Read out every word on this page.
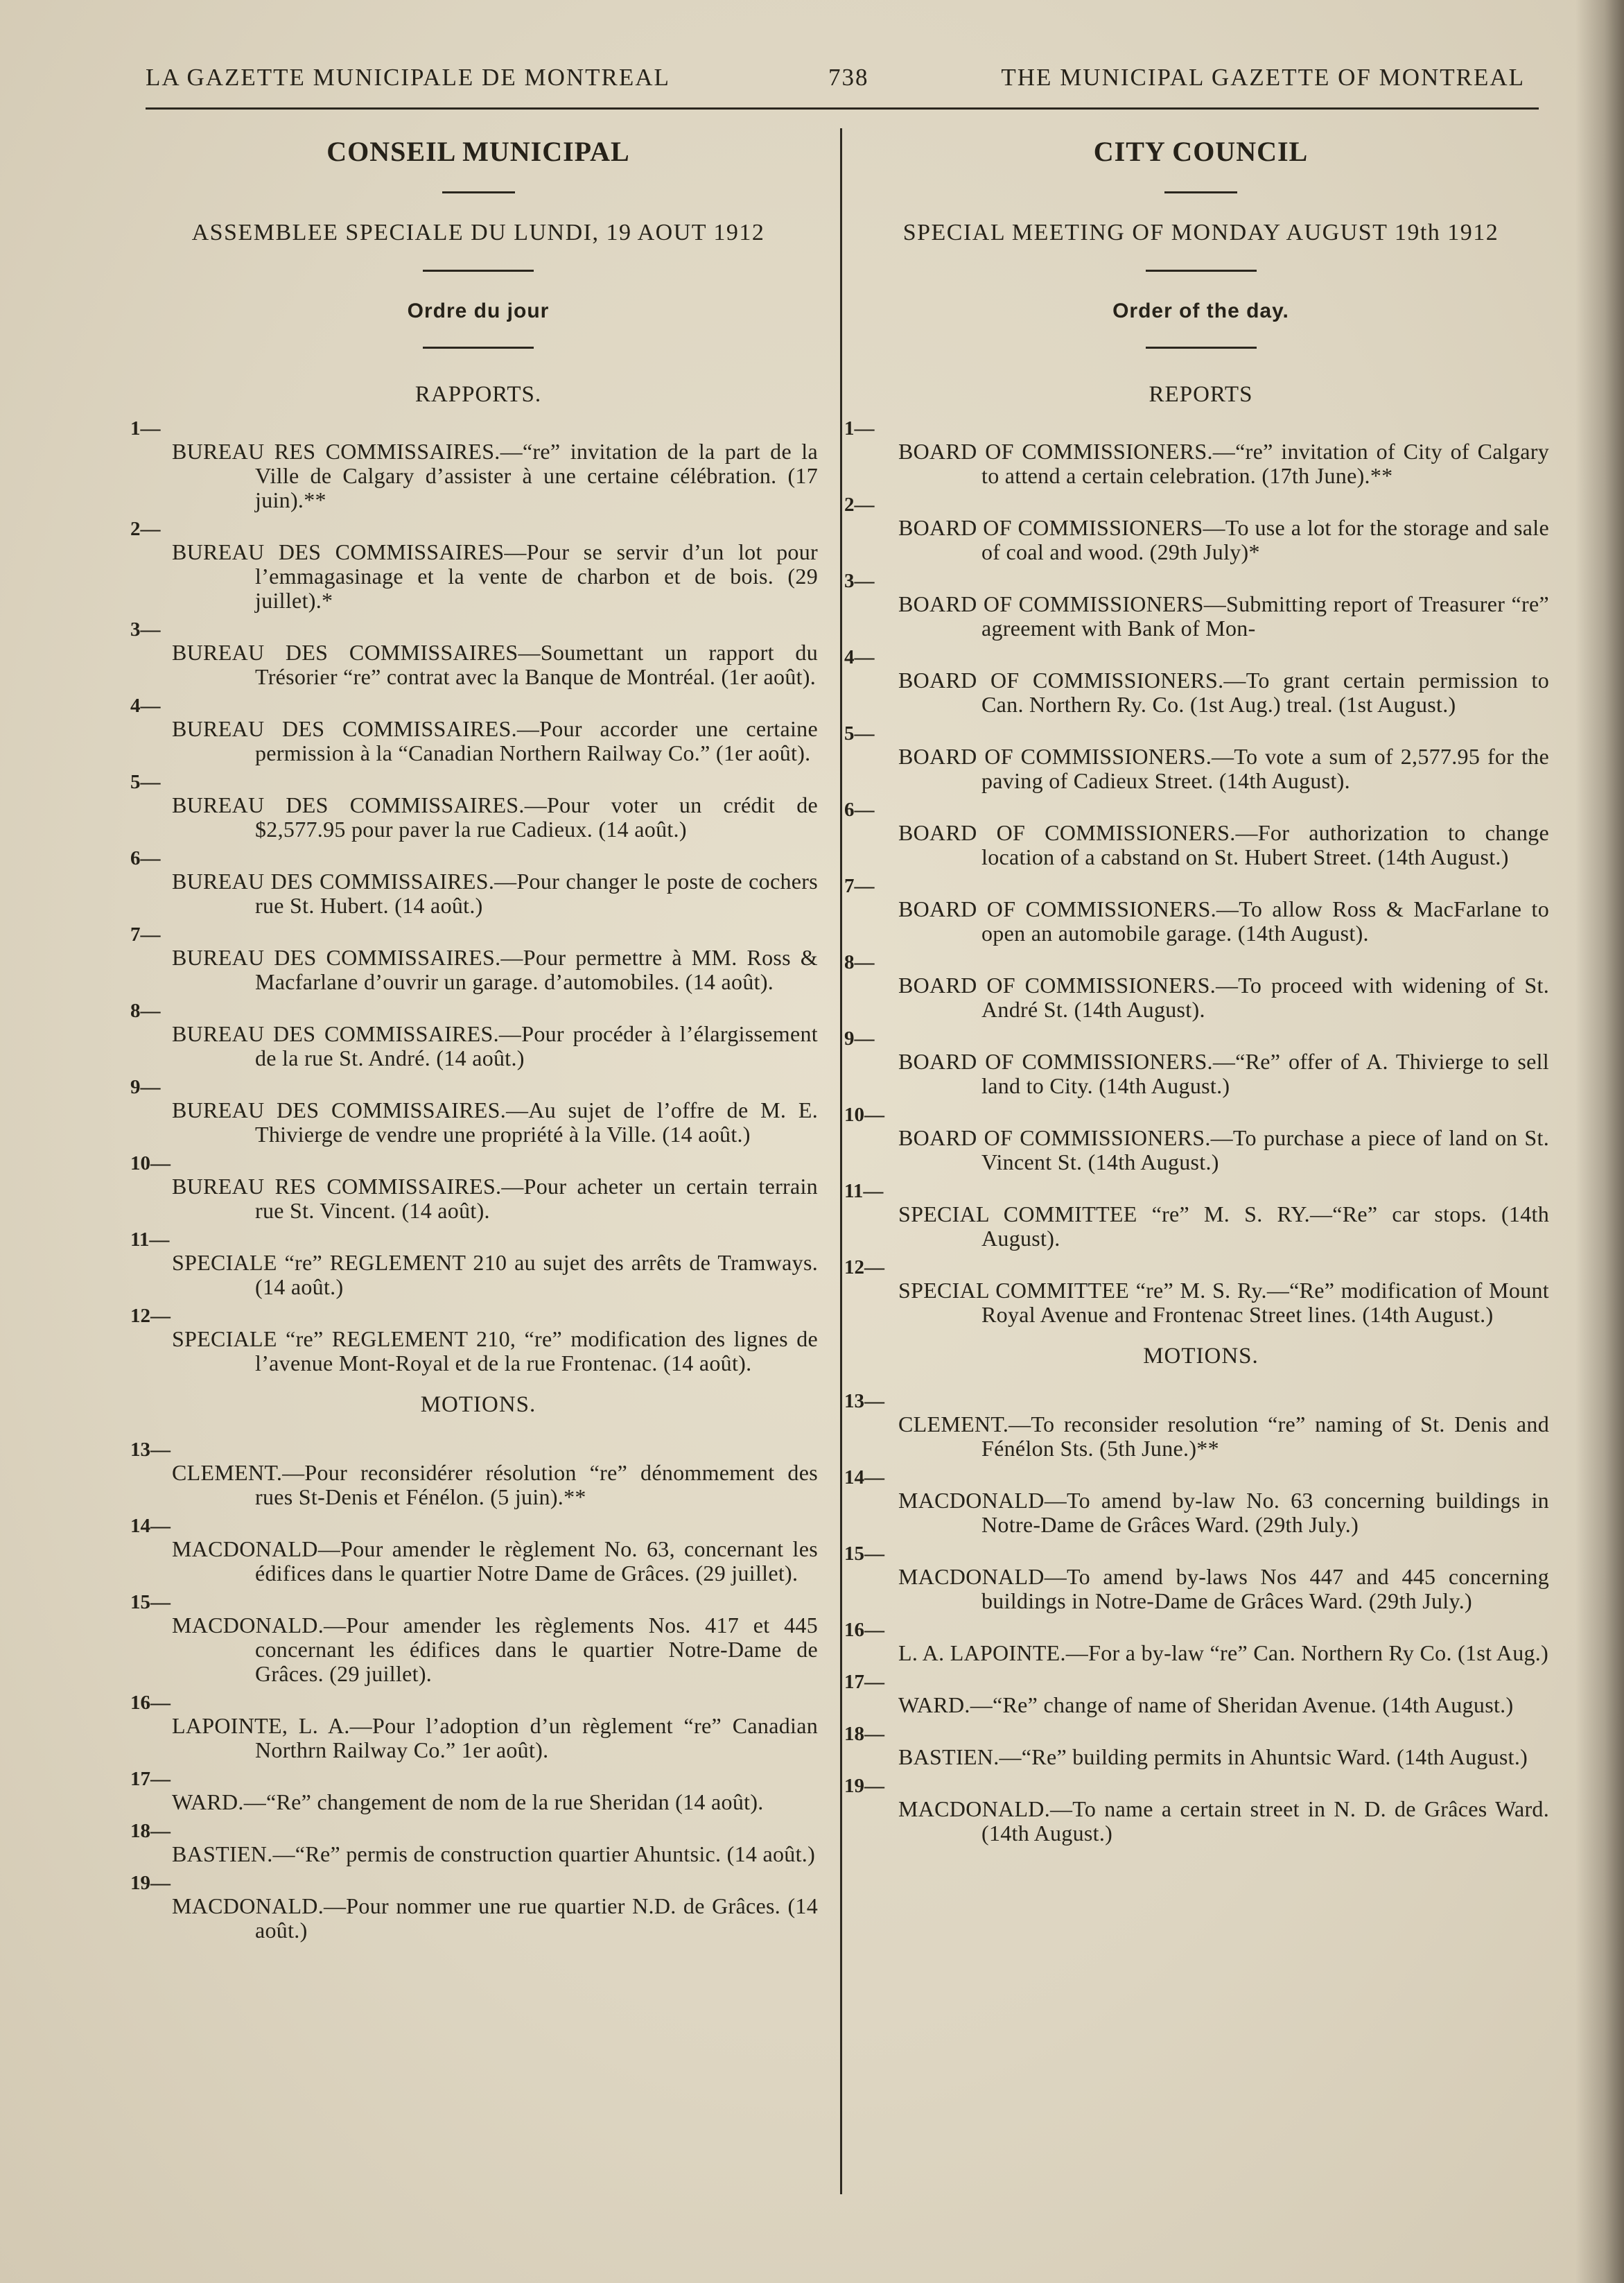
LA GAZETTE MUNICIPALE DE MONTREAL	738	THE MUNICIPAL GAZETTE OF MONTREAL
CONSEIL MUNICIPAL
ASSEMBLEE SPECIALE DU LUNDI, 19 AOUT 1912
Ordre du jour
RAPPORTS.
1—
BUREAU RES COMMISSAIRES.—“re” invitation de la part de la Ville de Calgary d’assister à une certaine célébration. (17 juin).**
2—
BUREAU DES COMMISSAIRES—Pour se servir d’un lot pour l’emmagasinage et la vente de charbon et de bois. (29 juillet).*
3—
BUREAU DES COMMISSAIRES—Soumettant un rapport du Trésorier “re” contrat avec la Banque de Montréal. (1er août).
4—
BUREAU DES COMMISSAIRES.—Pour accorder une certaine permission à la “Canadian Northern Railway Co.” (1er août).
5—
BUREAU DES COMMISSAIRES.—Pour voter un crédit de $2,577.95 pour paver la rue Cadieux. (14 août.)
6—
BUREAU DES COMMISSAIRES.—Pour changer le poste de cochers rue St. Hubert. (14 août.)
7—
BUREAU DES COMMISSAIRES.—Pour permettre à MM. Ross & Macfarlane d’ouvrir un garage. d’automobiles. (14 août).
8—
BUREAU DES COMMISSAIRES.—Pour procéder à l’élargissement de la rue St. André. (14 août.)
9—
BUREAU DES COMMISSAIRES.—Au sujet de l’offre de M. E. Thivierge de vendre une propriété à la Ville. (14 août.)
10—
BUREAU RES COMMISSAIRES.—Pour acheter un certain terrain rue St. Vincent. (14 août).
11—
SPECIALE “re” REGLEMENT 210 au sujet des arrêts de Tramways. (14 août.)
12—
SPECIALE “re” REGLEMENT 210, “re” modification des lignes de l’avenue Mont-Royal et de la rue Frontenac. (14 août).
MOTIONS.
13—
CLEMENT.—Pour reconsidérer résolution “re” dénommement des rues St-Denis et Fénélon. (5 juin).**
14—
MACDONALD—Pour amender le règlement No. 63, concernant les édifices dans le quartier Notre Dame de Grâces. (29 juillet).
15—
MACDONALD.—Pour amender les règlements Nos. 417 et 445 concernant les édifices dans le quartier Notre-Dame de Grâces. (29 juillet).
16—
LAPOINTE, L. A.—Pour l’adoption d’un règlement “re” Canadian Northrn Railway Co.” 1er août).
17—
WARD.—“Re” changement de nom de la rue Sheridan (14 août).
18—
BASTIEN.—“Re” permis de construction quartier Ahuntsic. (14 août.)
19—
MACDONALD.—Pour nommer une rue quartier N.D. de Grâces. (14 août.)
CITY COUNCIL
SPECIAL MEETING OF MONDAY AUGUST 19th 1912
Order of the day.
REPORTS
1—
BOARD OF COMMISSIONERS.—“re” invitation of City of Calgary to attend a certain celebration. (17th June).**
2—
BOARD OF COMMISSIONERS—To use a lot for the storage and sale of coal and wood. (29th July)*
3—
BOARD OF COMMISSIONERS—Submitting report of Treasurer “re” agreement with Bank of Mon-
4—
BOARD OF COMMISSIONERS.—To grant certain permission to Can. Northern Ry. Co. (1st Aug.) treal. (1st August.)
5—
BOARD OF COMMISSIONERS.—To vote a sum of 2,577.95 for the paving of Cadieux Street. (14th August).
6—
BOARD OF COMMISSIONERS.—For authorization to change location of a cabstand on St. Hubert Street. (14th August.)
7—
BOARD OF COMMISSIONERS.—To allow Ross & MacFarlane to open an automobile garage. (14th August).
8—
BOARD OF COMMISSIONERS.—To proceed with widening of St. André St. (14th August).
9—
BOARD OF COMMISSIONERS.—“Re” offer of A. Thivierge to sell land to City. (14th August.)
10—
BOARD OF COMMISSIONERS.—To purchase a piece of land on St. Vincent St. (14th August.)
11—
SPECIAL COMMITTEE “re” M. S. RY.—“Re” car stops. (14th August).
12—
SPECIAL COMMITTEE “re” M. S. Ry.—“Re” modification of Mount Royal Avenue and Frontenac Street lines. (14th August.)
MOTIONS.
13—
CLEMENT.—To reconsider resolution “re” naming of St. Denis and Fénélon Sts. (5th June.)**
14—
MACDONALD—To amend by-law No. 63 concerning buildings in Notre-Dame de Grâces Ward. (29th July.)
15—
MACDONALD—To amend by-laws Nos 447 and 445 concerning buildings in Notre-Dame de Grâces Ward. (29th July.)
16—
L. A. LAPOINTE.—For a by-law “re” Can. Northern Ry Co. (1st Aug.)
17—
WARD.—“Re” change of name of Sheridan Avenue. (14th August.)
18—
BASTIEN.—“Re” building permits in Ahuntsic Ward. (14th August.)
19—
MACDONALD.—To name a certain street in N. D. de Grâces Ward. (14th August.)
